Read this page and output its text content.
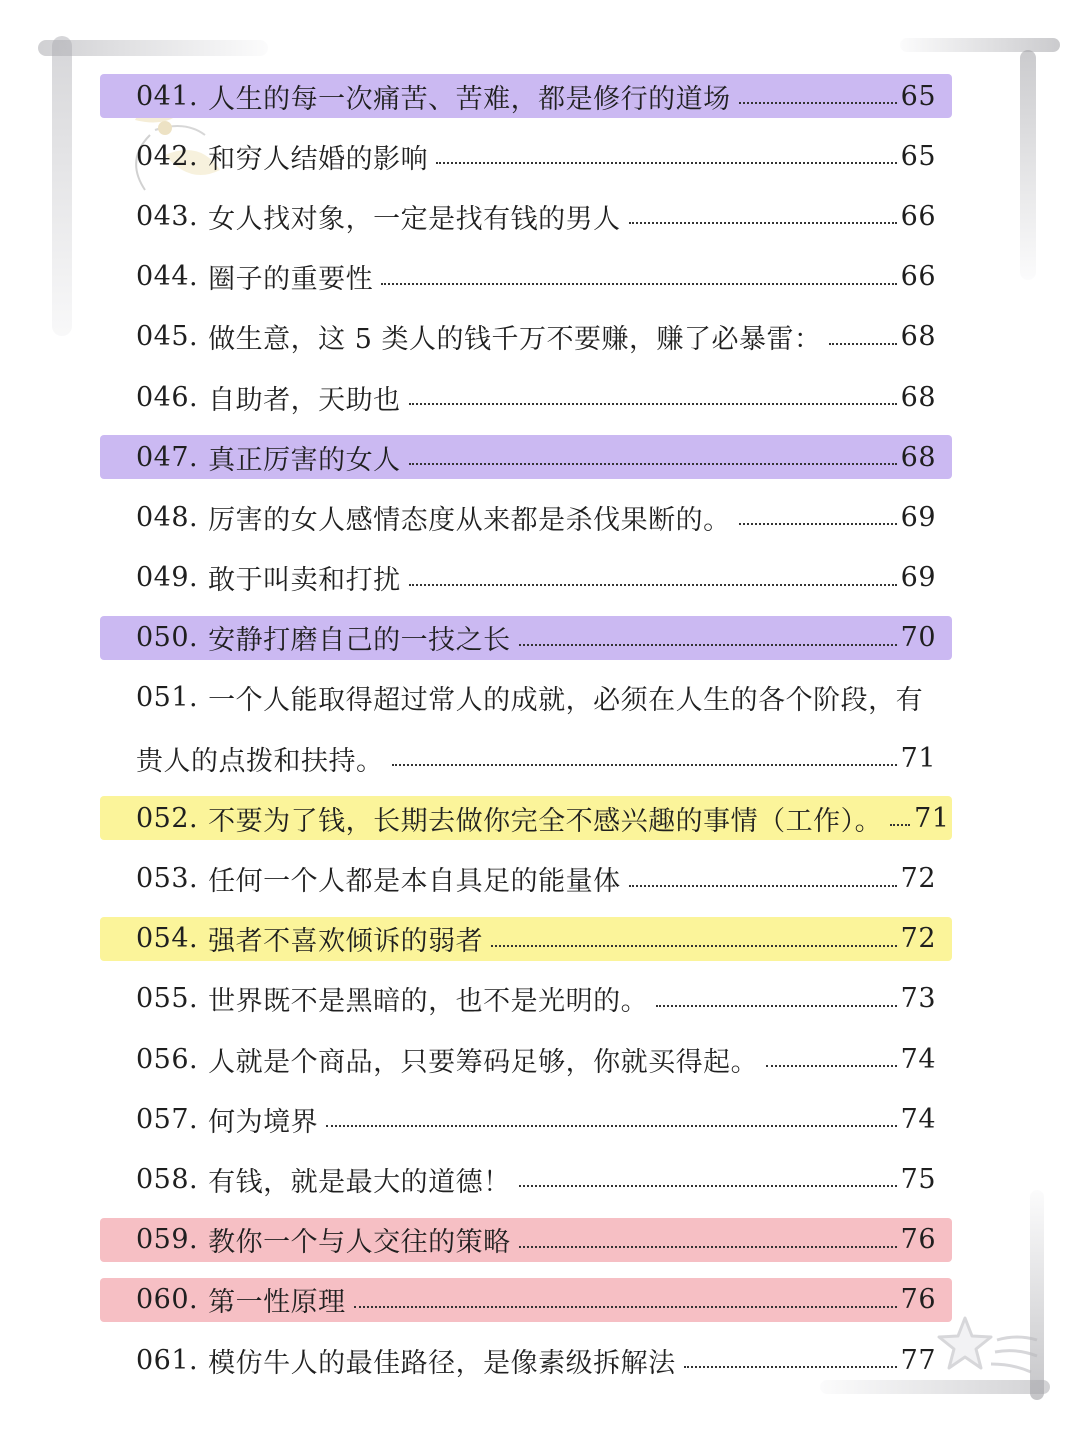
041. 人生的每一次痛苦、苦难，都是修行的道场	65
042. 和穷人结婚的影响	65
043. 女人找对象，一定是找有钱的男人	66
044. 圈子的重要性	66
045. 做生意，这 5 类人的钱千万不要赚，赚了必暴雷：	68
046. 自助者，天助也	68
047. 真正厉害的女人	68
048. 厉害的女人感情态度从来都是杀伐果断的。	69
049. 敢于叫卖和打扰	69
050. 安静打磨自己的一技之长	70
051. 一个人能取得超过常人的成就，必须在人生的各个阶段，有
贵人的点拨和扶持。	71
052. 不要为了钱，长期去做你完全不感兴趣的事情（工作）。 71
053. 任何一个人都是本自具足的能量体	72
054. 强者不喜欢倾诉的弱者	72
055. 世界既不是黑暗的，也不是光明的。	73
056. 人就是个商品，只要筹码足够，你就买得起。	74
057. 何为境界	74
058. 有钱，就是最大的道德！	75
059. 教你一个与人交往的策略	76
060. 第一性原理	76
061. 模仿牛人的最佳路径，是像素级拆解法	77
